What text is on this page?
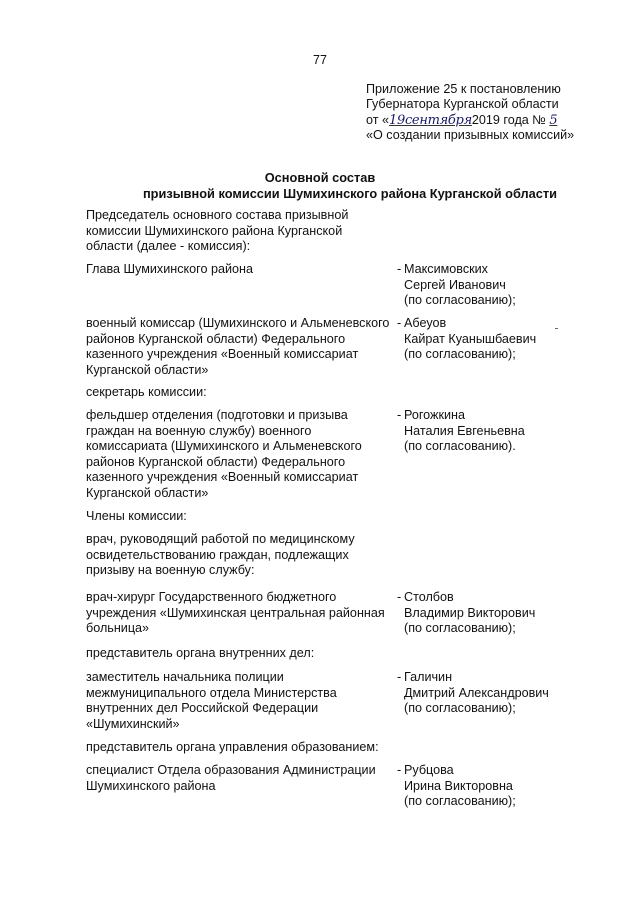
77
Приложение 25 к постановлению
Губернатора Курганской области
от «19сентября2019 года № 5
«О создании призывных комиссий»
Основной состав

призывной комиссии Шумихинского района Курганской области
Председатель основного состава призывной комиссии Шумихинского района Курганской области (далее - комиссия):
Глава Шумихинского района	- Максимовских
Сергей Иванович
(по согласованию);
военный комиссар (Шумихинского и Альменевского районов Курганской области) Федерального казенного учреждения «Военный комиссариат Курганской области»
- Абеуов
Кайрат Куанышбаевич
(по согласованию);
секретарь комиссии:
фельдшер отделения (подготовки и призыва граждан на военную службу) военного комиссариата (Шумихинского и Альменевского районов Курганской области) Федерального казенного учреждения «Военный комиссариат Курганской области»
- Рогожкина
Наталия Евгеньевна
(по согласованию).
Члены комиссии:
врач, руководящий работой по медицинскому освидетельствованию граждан, подлежащих призыву на военную службу:
врач-хирург Государственного бюджетного учреждения «Шумихинская центральная районная больница»
- Столбов
Владимир Викторович
(по согласованию);
представитель органа внутренних дел:
заместитель начальника полиции межмуниципального отдела Министерства внутренних дел Российской Федерации «Шумихинский»
- Галичин
Дмитрий Александрович
(по согласованию);
представитель органа управления образованием:
специалист Отдела образования Администрации Шумихинского района
- Рубцова
Ирина Викторовна
(по согласованию);
